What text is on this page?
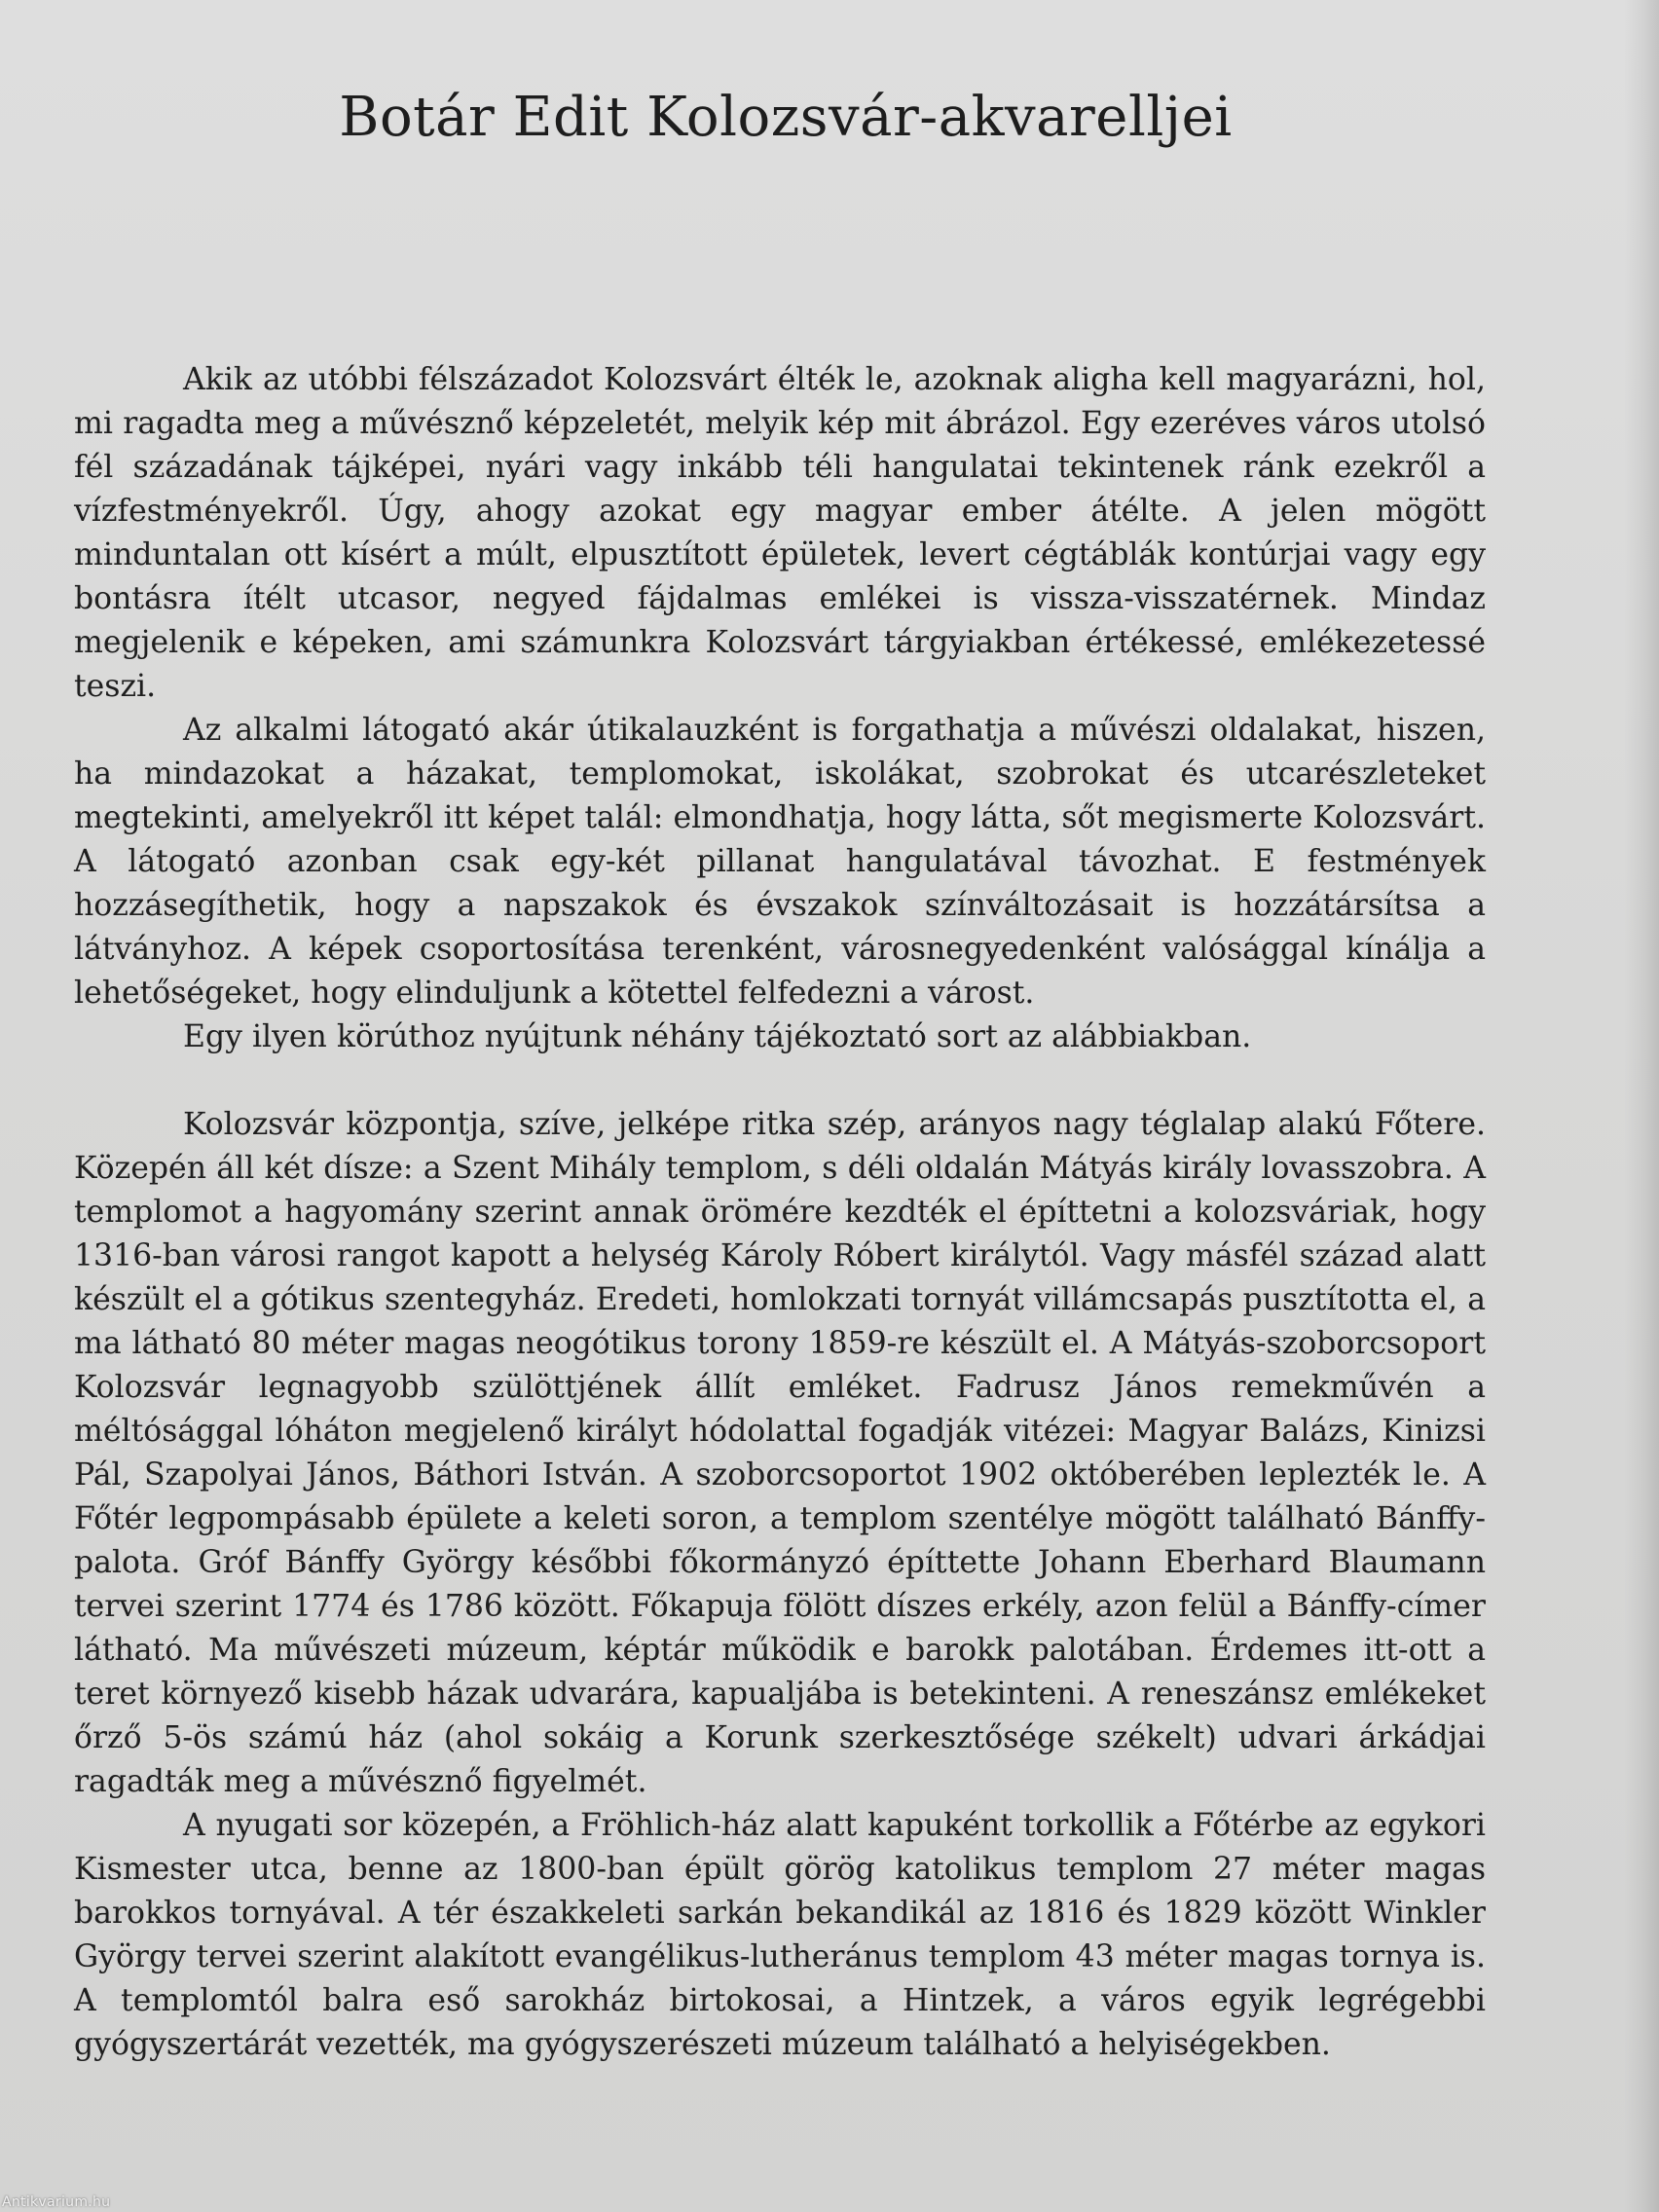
Botár Edit Kolozsvár-akvarelljei

Akik az utóbbi félszázadot Kolozsvárt élték le, azoknak aligha kell magyarázni, hol, mi ragadta meg a művésznő képzeletét, melyik kép mit ábrázol. Egy ezeréves város utolsó fél századának tájképei, nyári vagy inkább téli hangulatai tekintenek ránk ezekről a vízfestményekről. Úgy, ahogy azokat egy magyar ember átélte. A jelen mögött minduntalan ott kísért a múlt, elpusztított épületek, levert cégtáblák kontúrjai vagy egy bontásra ítélt utcasor, negyed fájdalmas emlékei is vissza-visszatérnek. Mindaz megjelenik e képeken, ami számunkra Kolozsvárt tárgyiakban értékessé, emlékezetessé teszi.

Az alkalmi látogató akár útikalauzként is forgathatja a művészi oldalakat, hiszen, ha mindazokat a házakat, templomokat, iskolákat, szobrokat és utcarészleteket megtekinti, amelyekről itt képet talál: elmondhatja, hogy látta, sőt megismerte Kolozsvárt. A látogató azonban csak egy-két pillanat hangulatával távozhat. E festmények hozzásegíthetik, hogy a napszakok és évszakok színváltozásait is hozzátársítsa a látványhoz. A képek csoportosítása terenként, városnegyedenként valósággal kínálja a lehetőségeket, hogy elinduljunk a kötettel felfedezni a várost.

Egy ilyen körúthoz nyújtunk néhány tájékoztató sort az alábbiakban.

Kolozsvár központja, szíve, jelképe ritka szép, arányos nagy téglalap alakú Főtere. Közepén áll két dísze: a Szent Mihály templom, s déli oldalán Mátyás király lovasszobra. A templomot a hagyomány szerint annak örömére kezdték el építtetni a kolozsváriak, hogy 1316-ban városi rangot kapott a helység Károly Róbert királytól. Vagy másfél század alatt készült el a gótikus szentegyház. Eredeti, homlokzati tornyát villámcsapás pusztította el, a ma látható 80 méter magas neogótikus torony 1859-re készült el. A Mátyás-szoborcsoport Kolozsvár legnagyobb szülöttjének állít emléket. Fadrusz János remekművén a méltósággal lóháton megjelenő királyt hódolattal fogadják vitézei: Magyar Balázs, Kinizsi Pál, Szapolyai János, Báthori István. A szoborcsoportot 1902 októberében leplezték le. A Főtér legpompásabb épülete a keleti soron, a templom szentélye mögött található Bánffy-palota. Gróf Bánffy György későbbi főkormányzó építtette Johann Eberhard Blaumann tervei szerint 1774 és 1786 között. Főkapuja fölött díszes erkély, azon felül a Bánffy-címer látható. Ma művészeti múzeum, képtár működik e barokk palotában. Érdemes itt-ott a teret környező kisebb házak udvarára, kapualjába is betekinteni. A reneszánsz emlékeket őrző 5-ös számú ház (ahol sokáig a Korunk szerkesztősége székelt) udvari árkádjai ragadták meg a művésznő figyelmét.

A nyugati sor közepén, a Fröhlich-ház alatt kapuként torkollik a Főtérbe az egykori Kismester utca, benne az 1800-ban épült görög katolikus templom 27 méter magas barokkos tornyával. A tér északkeleti sarkán bekandikál az 1816 és 1829 között Winkler György tervei szerint alakított evangélikus-lutheránus templom 43 méter magas tornya is. A templomtól balra eső sarokház birtokosai, a Hintzek, a város egyik legrégebbi gyógyszertárát vezették, ma gyógyszerészeti múzeum található a helyiségekben.

Antikvarium.hu
